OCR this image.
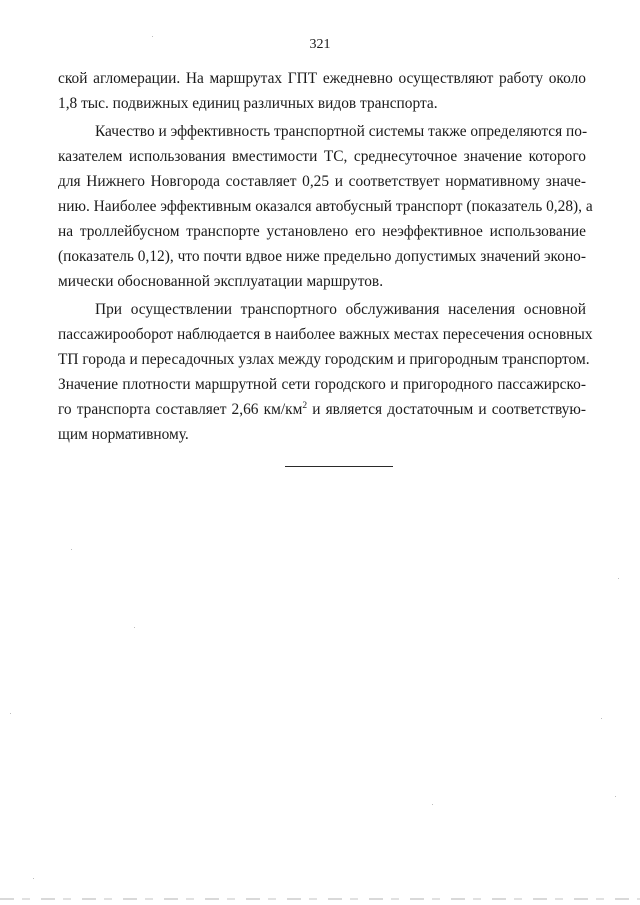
321
ской агломерации. На маршрутах ГПТ ежедневно осуществляют работу около
1,8 тыс. подвижных единиц различных видов транспорта.
Качество и эффективность транспортной системы также определяются по-
казателем использования вместимости ТС, среднесуточное значение которого
для Нижнего Новгорода составляет 0,25 и соответствует нормативному значе-
нию. Наиболее эффективным оказался автобусный транспорт (показатель 0,28), а
на троллейбусном транспорте установлено его неэффективное использование
(показатель 0,12), что почти вдвое ниже предельно допустимых значений эконо-
мически обоснованной эксплуатации маршрутов.
При осуществлении транспортного обслуживания населения основной
пассажирооборот наблюдается в наиболее важных местах пересечения основных
ТП города и пересадочных узлах между городским и пригородным транспортом.
Значение плотности маршрутной сети городского и пригородного пассажирско-
го транспорта составляет 2,66 $км/км^2$ и является достаточным и соответствую-
щим нормативному.
